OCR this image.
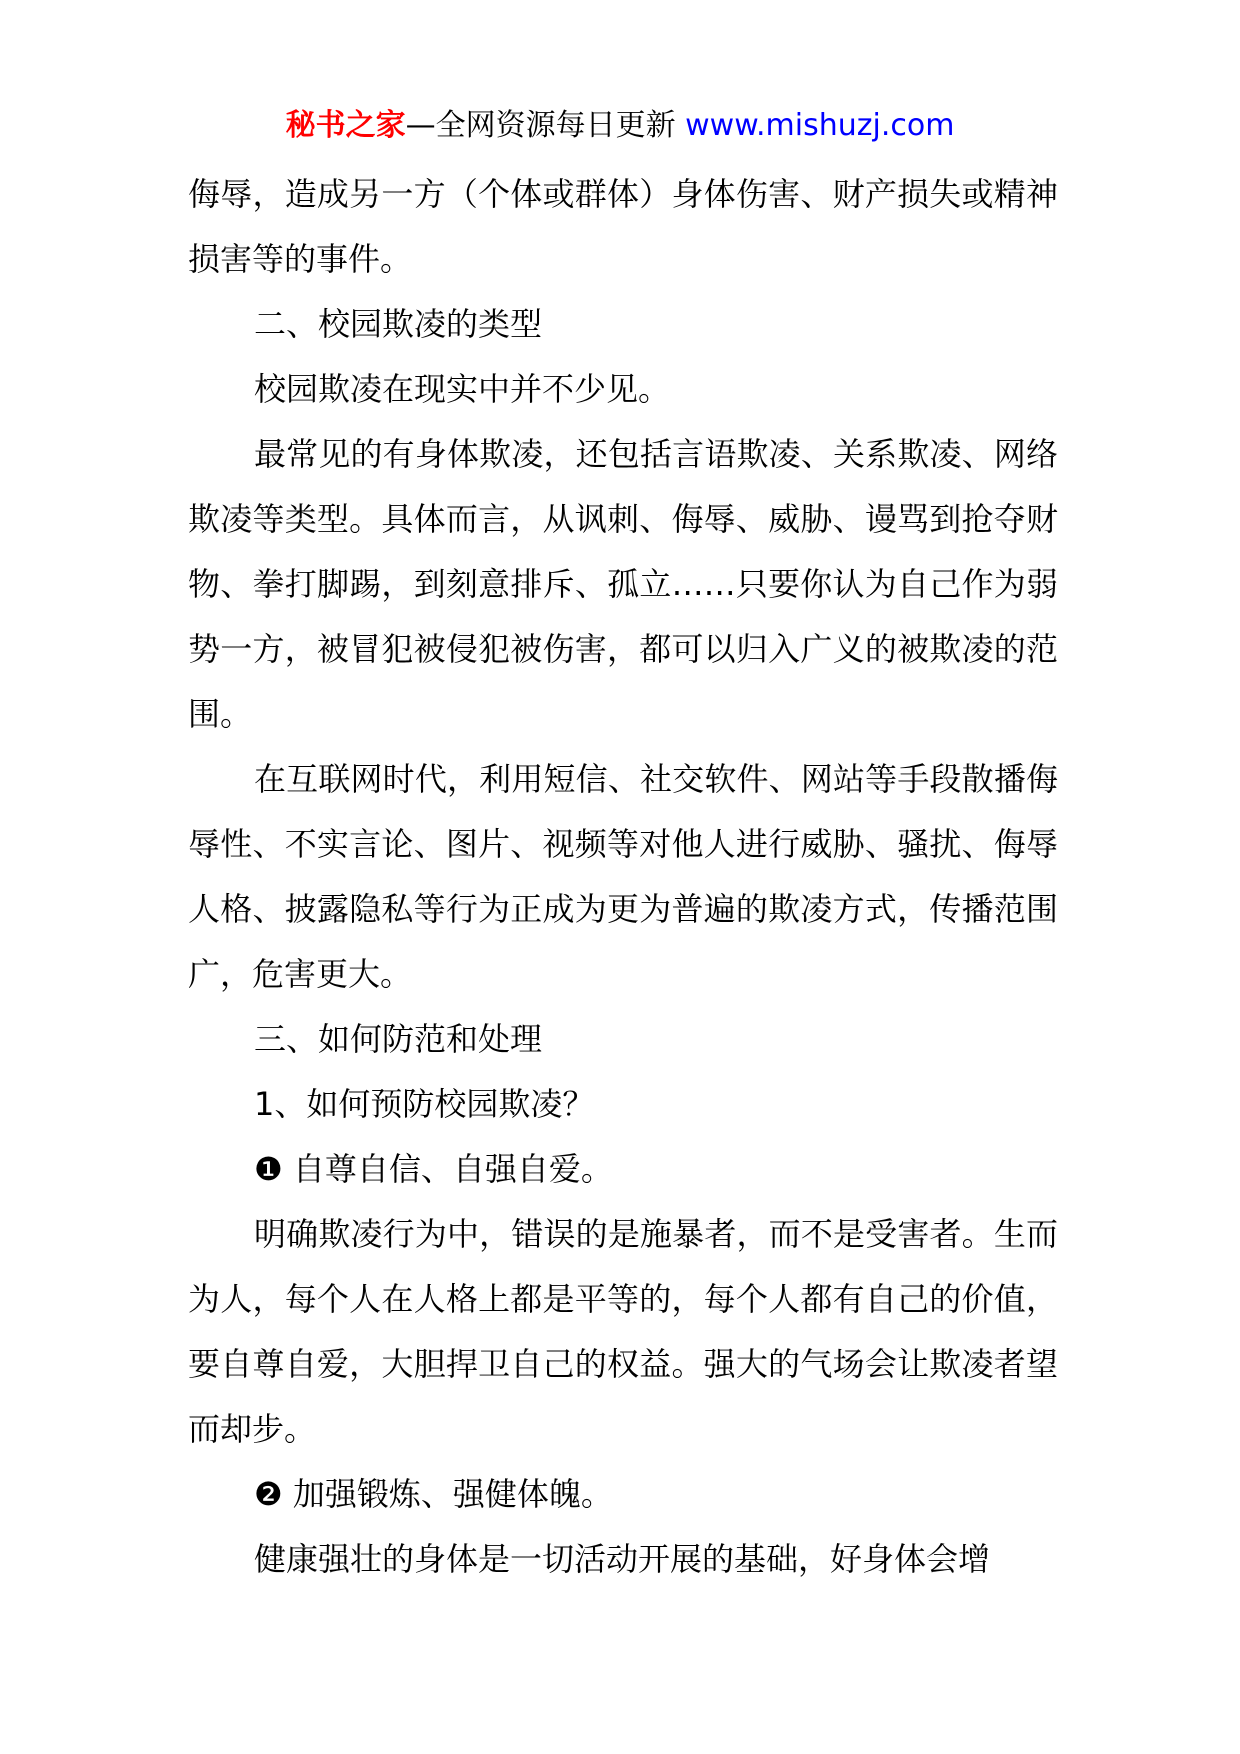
秘书之家—全网资源每日更新 www.mishuzj.com

侮辱，造成另一方（个体或群体）身体伤害、财产损失或精神损害等的事件。

二、校园欺凌的类型

校园欺凌在现实中并不少见。

最常见的有身体欺凌，还包括言语欺凌、关系欺凌、网络欺凌等类型。具体而言，从讽刺、侮辱、威胁、谩骂到抢夺财物、拳打脚踢，到刻意排斥、孤立……只要你认为自己作为弱势一方，被冒犯被侵犯被伤害，都可以归入广义的被欺凌的范围。

在互联网时代，利用短信、社交软件、网站等手段散播侮辱性、不实言论、图片、视频等对他人进行威胁、骚扰、侮辱人格、披露隐私等行为正成为更为普遍的欺凌方式，传播范围广，危害更大。

三、如何防范和处理

1、如何预防校园欺凌？

❶ 自尊自信、自强自爱。

明确欺凌行为中，错误的是施暴者，而不是受害者。生而为人，每个人在人格上都是平等的，每个人都有自己的价值，要自尊自爱，大胆捍卫自己的权益。强大的气场会让欺凌者望而却步。

❷ 加强锻炼、强健体魄。

健康强壮的身体是一切活动开展的基础，好身体会增
